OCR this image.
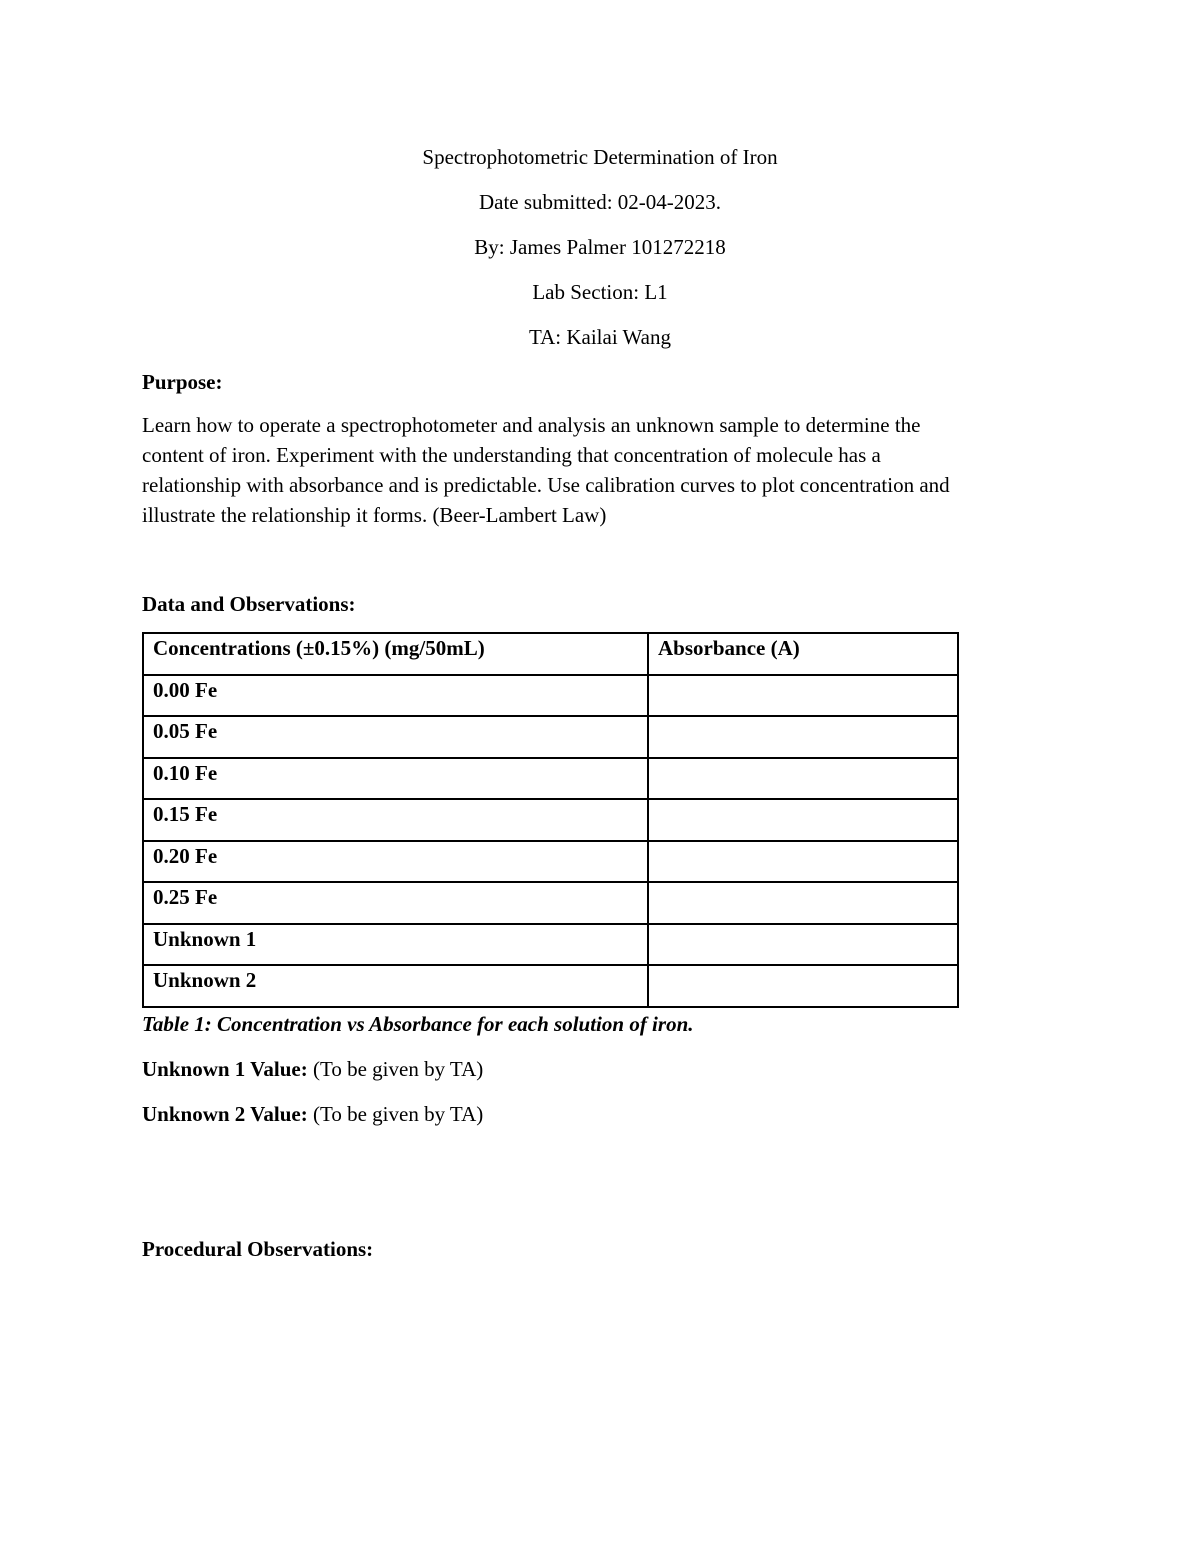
Spectrophotometric Determination of Iron
Date submitted: 02-04-2023.
By: James Palmer 101272218
Lab Section: L1
TA: Kailai Wang
Purpose:
Learn how to operate a spectrophotometer and analysis an unknown sample to determine the
content of iron. Experiment with the understanding that concentration of molecule has a
relationship with absorbance and is predictable. Use calibration curves to plot concentration and
illustrate the relationship it forms. (Beer-Lambert Law)
Data and Observations:
Concentrations (±0.15%) (mg/50mL)	Absorbance (A)
0.00 Fe	
0.05 Fe	
0.10 Fe	
0.15 Fe	
0.20 Fe	
0.25 Fe	
Unknown 1	
Unknown 2	
Table 1: Concentration vs Absorbance for each solution of iron.
Unknown 1 Value: (To be given by TA)
Unknown 2 Value: (To be given by TA)
Procedural Observations:
